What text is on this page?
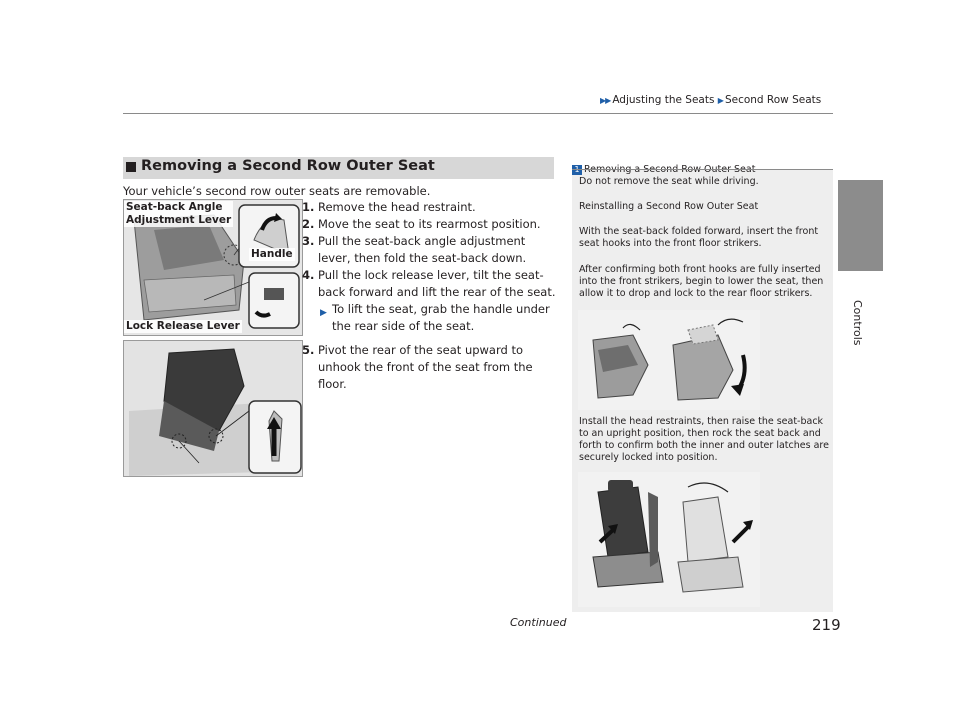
▶▶ Adjusting the Seats ▶ Second Row Seats
Controls
Removing a Second Row Outer Seat
Your vehicle’s second row outer seats are removable.
Seat-back Angle
Adjustment Lever
Handle
Lock Release Lever
1. Remove the head restraint.
2. Move the seat to its rearmost position.
3. Pull the seat-back angle adjustment lever, then fold the seat-back down.
4. Pull the lock release lever, tilt the seat-back forward and lift the rear of the seat.
▶ To lift the seat, grab the handle under the rear side of the seat.
5. Pivot the rear of the seat upward to unhook the front of the seat from the floor.
Do not remove the seat while driving.
Reinstalling a Second Row Outer Seat
With the seat-back folded forward, insert the front seat hooks into the front floor strikers.
After confirming both front hooks are fully inserted into the front strikers, begin to lower the seat, then allow it to drop and lock to the rear floor strikers.
Install the head restraints, then raise the seat-back to an upright position, then rock the seat back and forth to confirm both the inner and outer latches are securely locked into position.
Continued	219
